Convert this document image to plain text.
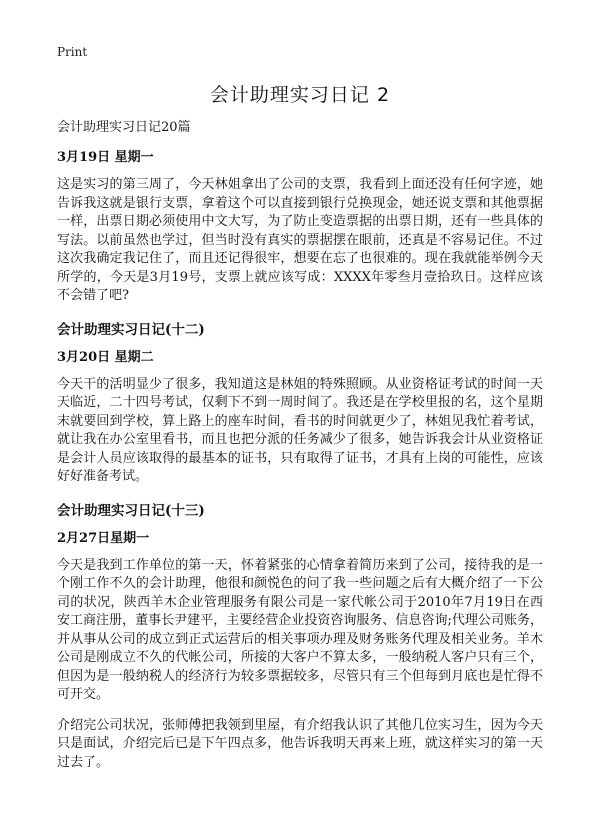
Print
会计助理实习日记 2

会计助理实习日记20篇

3月19日 星期一

这是实习的第三周了，今天林姐拿出了公司的支票，我看到上面还没有任何字迹，她告诉我这就是银行支票，拿着这个可以直接到银行兑换现金，她还说支票和其他票据一样，出票日期必须使用中文大写，为了防止变造票据的出票日期，还有一些具体的写法。以前虽然也学过，但当时没有真实的票据摆在眼前，还真是不容易记住。不过这次我确定我记住了，而且还记得很牢，想要在忘了也很难的。现在我就能举例今天所学的，今天是3月19号，支票上就应该写成：XXXX年零叁月壹拾玖日。这样应该不会错了吧?

会计助理实习日记(十二)

3月20日 星期二

今天干的活明显少了很多，我知道这是林姐的特殊照顾。从业资格证考试的时间一天天临近，二十四号考试，仅剩下不到一周时间了。我还是在学校里报的名，这个星期末就要回到学校，算上路上的座车时间，看书的时间就更少了，林姐见我忙着考试，就让我在办公室里看书，而且也把分派的任务减少了很多，她告诉我会计从业资格证是会计人员应该取得的最基本的证书，只有取得了证书，才具有上岗的可能性，应该好好准备考试。

会计助理实习日记(十三)

2月27日星期一

今天是我到工作单位的第一天，怀着紧张的心情拿着简历来到了公司，接待我的是一个刚工作不久的会计助理，他很和颜悦色的问了我一些问题之后有大概介绍了一下公司的状况，陕西羊木企业管理服务有限公司是一家代帐公司于2010年7月19日在西安工商注册，董事长尹建平，主要经营企业投资咨询服务、信息咨询;代理公司账务，并从事从公司的成立到正式运营后的相关事项办理及财务账务代理及相关业务。羊木公司是刚成立不久的代帐公司，所接的大客户不算太多，一般纳税人客户只有三个，但因为是一般纳税人的经济行为较多票据较多，尽管只有三个但每到月底也是忙得不可开交。

介绍完公司状况，张师傅把我领到里屋，有介绍我认识了其他几位实习生，因为今天只是面试，介绍完后已是下午四点多，他告诉我明天再来上班，就这样实习的第一天过去了。
